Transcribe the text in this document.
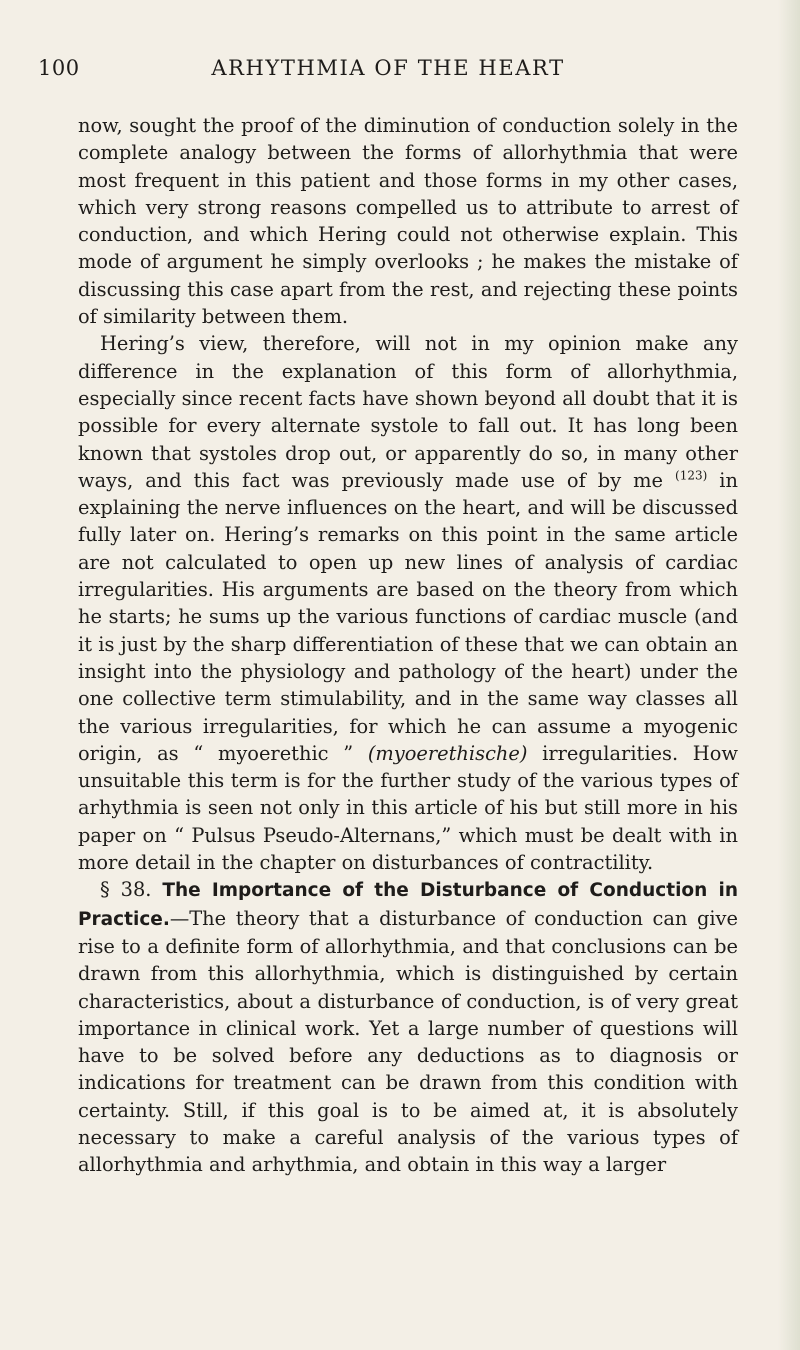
100	ARHYTHMIA OF THE HEART

now, sought the proof of the diminution of conduction solely in the complete analogy between the forms of allorhythmia that were most frequent in this patient and those forms in my other cases, which very strong reasons compelled us to attribute to arrest of conduction, and which Hering could not otherwise explain. This mode of argument he simply overlooks ; he makes the mistake of discussing this case apart from the rest, and rejecting these points of similarity between them.

Hering’s view, therefore, will not in my opinion make any difference in the explanation of this form of allorhythmia, especially since recent facts have shown beyond all doubt that it is possible for every alternate systole to fall out. It has long been known that systoles drop out, or apparently do so, in many other ways, and this fact was previously made use of by me $^{(123)}$ in explaining the nerve influences on the heart, and will be discussed fully later on. Hering’s remarks on this point in the same article are not calculated to open up new lines of analysis of cardiac irregularities. His arguments are based on the theory from which he starts; he sums up the various functions of cardiac muscle (and it is just by the sharp differentiation of these that we can obtain an insight into the physiology and pathology of the heart) under the one collective term stimulability, and in the same way classes all the various irregularities, for which he can assume a myogenic origin, as “ myoerethic ” (myoerethische) irregularities. How unsuitable this term is for the further study of the various types of arhythmia is seen not only in this article of his but still more in his paper on “ Pulsus Pseudo-Alternans,” which must be dealt with in more detail in the chapter on disturbances of contractility.

§ 38. The Importance of the Disturbance of Conduction in Practice.—The theory that a disturbance of conduction can give rise to a definite form of allorhythmia, and that conclusions can be drawn from this allorhythmia, which is distinguished by certain characteristics, about a disturbance of conduction, is of very great importance in clinical work. Yet a large number of questions will have to be solved before any deductions as to diagnosis or indications for treatment can be drawn from this condition with certainty. Still, if this goal is to be aimed at, it is absolutely necessary to make a careful analysis of the various types of allorhythmia and arhythmia, and obtain in this way a larger
